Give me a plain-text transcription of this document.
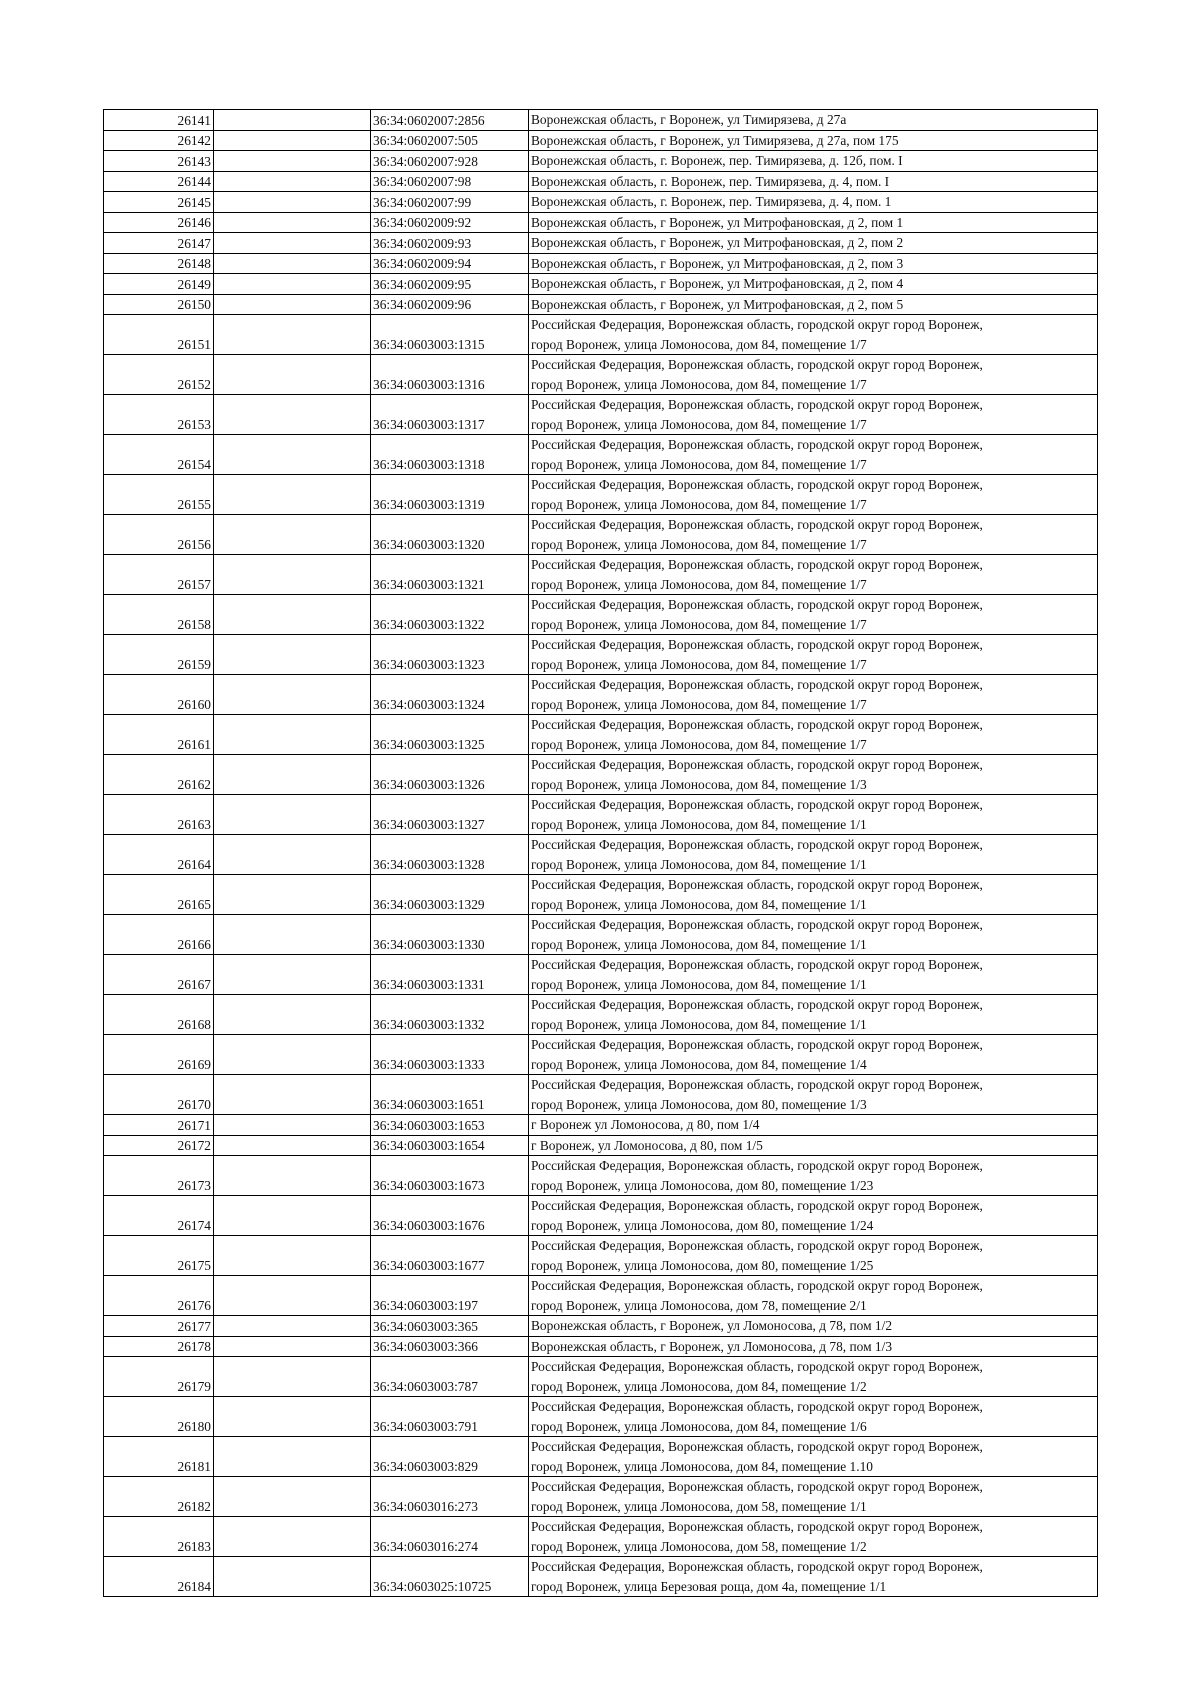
26141		36:34:0602007:2856	Воронежская область, г Воронеж, ул Тимирязева, д 27а
26142		36:34:0602007:505	Воронежская область, г Воронеж, ул Тимирязева, д 27а, пом 175
26143		36:34:0602007:928	Воронежская область, г. Воронеж, пер. Тимирязева, д. 12б, пом. I
26144		36:34:0602007:98	Воронежская область, г. Воронеж, пер. Тимирязева, д. 4, пом. I
26145		36:34:0602007:99	Воронежская область, г. Воронеж, пер. Тимирязева, д. 4, пом. 1
26146		36:34:0602009:92	Воронежская область, г Воронеж, ул Митрофановская, д 2, пом 1
26147		36:34:0602009:93	Воронежская область, г Воронеж, ул Митрофановская, д 2, пом 2
26148		36:34:0602009:94	Воронежская область, г Воронеж, ул Митрофановская, д 2, пом 3
26149		36:34:0602009:95	Воронежская область, г Воронеж, ул Митрофановская, д 2, пом 4
26150		36:34:0602009:96	Воронежская область, г Воронеж, ул Митрофановская, д 2, пом 5
26151		36:34:0603003:1315	Российская Федерация, Воронежская область, городской округ город Воронеж,
город Воронеж, улица Ломоносова, дом 84, помещение 1/7
26152		36:34:0603003:1316	Российская Федерация, Воронежская область, городской округ город Воронеж,
город Воронеж, улица Ломоносова, дом 84, помещение 1/7
26153		36:34:0603003:1317	Российская Федерация, Воронежская область, городской округ город Воронеж,
город Воронеж, улица Ломоносова, дом 84, помещение 1/7
26154		36:34:0603003:1318	Российская Федерация, Воронежская область, городской округ город Воронеж,
город Воронеж, улица Ломоносова, дом 84, помещение 1/7
26155		36:34:0603003:1319	Российская Федерация, Воронежская область, городской округ город Воронеж,
город Воронеж, улица Ломоносова, дом 84, помещение 1/7
26156		36:34:0603003:1320	Российская Федерация, Воронежская область, городской округ город Воронеж,
город Воронеж, улица Ломоносова, дом 84, помещение 1/7
26157		36:34:0603003:1321	Российская Федерация, Воронежская область, городской округ город Воронеж,
город Воронеж, улица Ломоносова, дом 84, помещение 1/7
26158		36:34:0603003:1322	Российская Федерация, Воронежская область, городской округ город Воронеж,
город Воронеж, улица Ломоносова, дом 84, помещение 1/7
26159		36:34:0603003:1323	Российская Федерация, Воронежская область, городской округ город Воронеж,
город Воронеж, улица Ломоносова, дом 84, помещение 1/7
26160		36:34:0603003:1324	Российская Федерация, Воронежская область, городской округ город Воронеж,
город Воронеж, улица Ломоносова, дом 84, помещение 1/7
26161		36:34:0603003:1325	Российская Федерация, Воронежская область, городской округ город Воронеж,
город Воронеж, улица Ломоносова, дом 84, помещение 1/7
26162		36:34:0603003:1326	Российская Федерация, Воронежская область, городской округ город Воронеж,
город Воронеж, улица Ломоносова, дом 84, помещение 1/3
26163		36:34:0603003:1327	Российская Федерация, Воронежская область, городской округ город Воронеж,
город Воронеж, улица Ломоносова, дом 84, помещение 1/1
26164		36:34:0603003:1328	Российская Федерация, Воронежская область, городской округ город Воронеж,
город Воронеж, улица Ломоносова, дом 84, помещение 1/1
26165		36:34:0603003:1329	Российская Федерация, Воронежская область, городской округ город Воронеж,
город Воронеж, улица Ломоносова, дом 84, помещение 1/1
26166		36:34:0603003:1330	Российская Федерация, Воронежская область, городской округ город Воронеж,
город Воронеж, улица Ломоносова, дом 84, помещение 1/1
26167		36:34:0603003:1331	Российская Федерация, Воронежская область, городской округ город Воронеж,
город Воронеж, улица Ломоносова, дом 84, помещение 1/1
26168		36:34:0603003:1332	Российская Федерация, Воронежская область, городской округ город Воронеж,
город Воронеж, улица Ломоносова, дом 84, помещение 1/1
26169		36:34:0603003:1333	Российская Федерация, Воронежская область, городской округ город Воронеж,
город Воронеж, улица Ломоносова, дом 84, помещение 1/4
26170		36:34:0603003:1651	Российская Федерация, Воронежская область, городской округ город Воронеж,
город Воронеж, улица Ломоносова, дом 80, помещение 1/3
26171		36:34:0603003:1653	г Воронеж ул Ломоносова, д 80, пом 1/4
26172		36:34:0603003:1654	г Воронеж, ул Ломоносова, д 80, пом 1/5
26173		36:34:0603003:1673	Российская Федерация, Воронежская область, городской округ город Воронеж,
город Воронеж, улица Ломоносова, дом 80, помещение 1/23
26174		36:34:0603003:1676	Российская Федерация, Воронежская область, городской округ город Воронеж,
город Воронеж, улица Ломоносова, дом 80, помещение 1/24
26175		36:34:0603003:1677	Российская Федерация, Воронежская область, городской округ город Воронеж,
город Воронеж, улица Ломоносова, дом 80, помещение 1/25
26176		36:34:0603003:197	Российская Федерация, Воронежская область, городской округ город Воронеж,
город Воронеж, улица Ломоносова, дом 78, помещение 2/1
26177		36:34:0603003:365	Воронежская область, г Воронеж, ул Ломоносова, д 78, пом 1/2
26178		36:34:0603003:366	Воронежская область, г Воронеж, ул Ломоносова, д 78, пом 1/3
26179		36:34:0603003:787	Российская Федерация, Воронежская область, городской округ город Воронеж,
город Воронеж, улица Ломоносова, дом 84, помещение 1/2
26180		36:34:0603003:791	Российская Федерация, Воронежская область, городской округ город Воронеж,
город Воронеж, улица Ломоносова, дом 84, помещение 1/6
26181		36:34:0603003:829	Российская Федерация, Воронежская область, городской округ город Воронеж,
город Воронеж, улица Ломоносова, дом 84, помещение 1.10
26182		36:34:0603016:273	Российская Федерация, Воронежская область, городской округ город Воронеж,
город Воронеж, улица Ломоносова, дом 58, помещение 1/1
26183		36:34:0603016:274	Российская Федерация, Воронежская область, городской округ город Воронеж,
город Воронеж, улица Ломоносова, дом 58, помещение 1/2
26184		36:34:0603025:10725	Российская Федерация, Воронежская область, городской округ город Воронеж,
город Воронеж, улица Березовая роща, дом 4а, помещение 1/1
